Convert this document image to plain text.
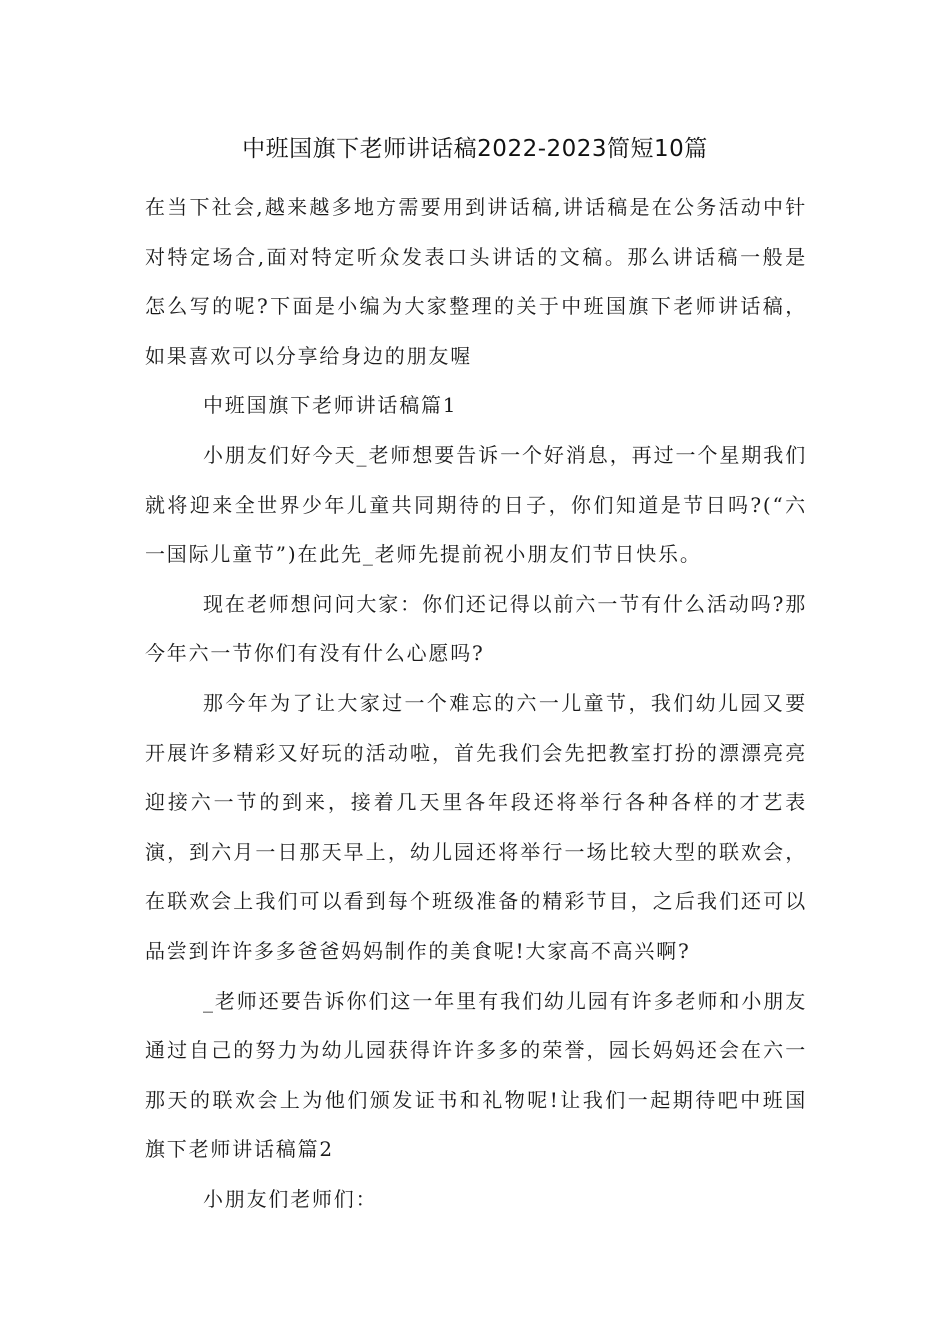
中班国旗下老师讲话稿2022-2023简短10篇

在当下社会,越来越多地方需要用到讲话稿,讲话稿是在公务活动中针对特定场合,面对特定听众发表口头讲话的文稿。那么讲话稿一般是怎么写的呢?下面是小编为大家整理的关于中班国旗下老师讲话稿，如果喜欢可以分享给身边的朋友喔

中班国旗下老师讲话稿篇1

小朋友们好今天_老师想要告诉一个好消息，再过一个星期我们就将迎来全世界少年儿童共同期待的日子，你们知道是节日吗?(“六一国际儿童节”)在此先_老师先提前祝小朋友们节日快乐。

现在老师想问问大家：你们还记得以前六一节有什么活动吗?那今年六一节你们有没有什么心愿吗?

那今年为了让大家过一个难忘的六一儿童节，我们幼儿园又要开展许多精彩又好玩的活动啦，首先我们会先把教室打扮的漂漂亮亮迎接六一节的到来，接着几天里各年段还将举行各种各样的才艺表演，到六月一日那天早上，幼儿园还将举行一场比较大型的联欢会，在联欢会上我们可以看到每个班级准备的精彩节目，之后我们还可以品尝到许许多多爸爸妈妈制作的美食呢!大家高不高兴啊?

_老师还要告诉你们这一年里有我们幼儿园有许多老师和小朋友通过自己的努力为幼儿园获得许许多多的荣誉，园长妈妈还会在六一那天的联欢会上为他们颁发证书和礼物呢!让我们一起期待吧中班国旗下老师讲话稿篇2

小朋友们老师们：
